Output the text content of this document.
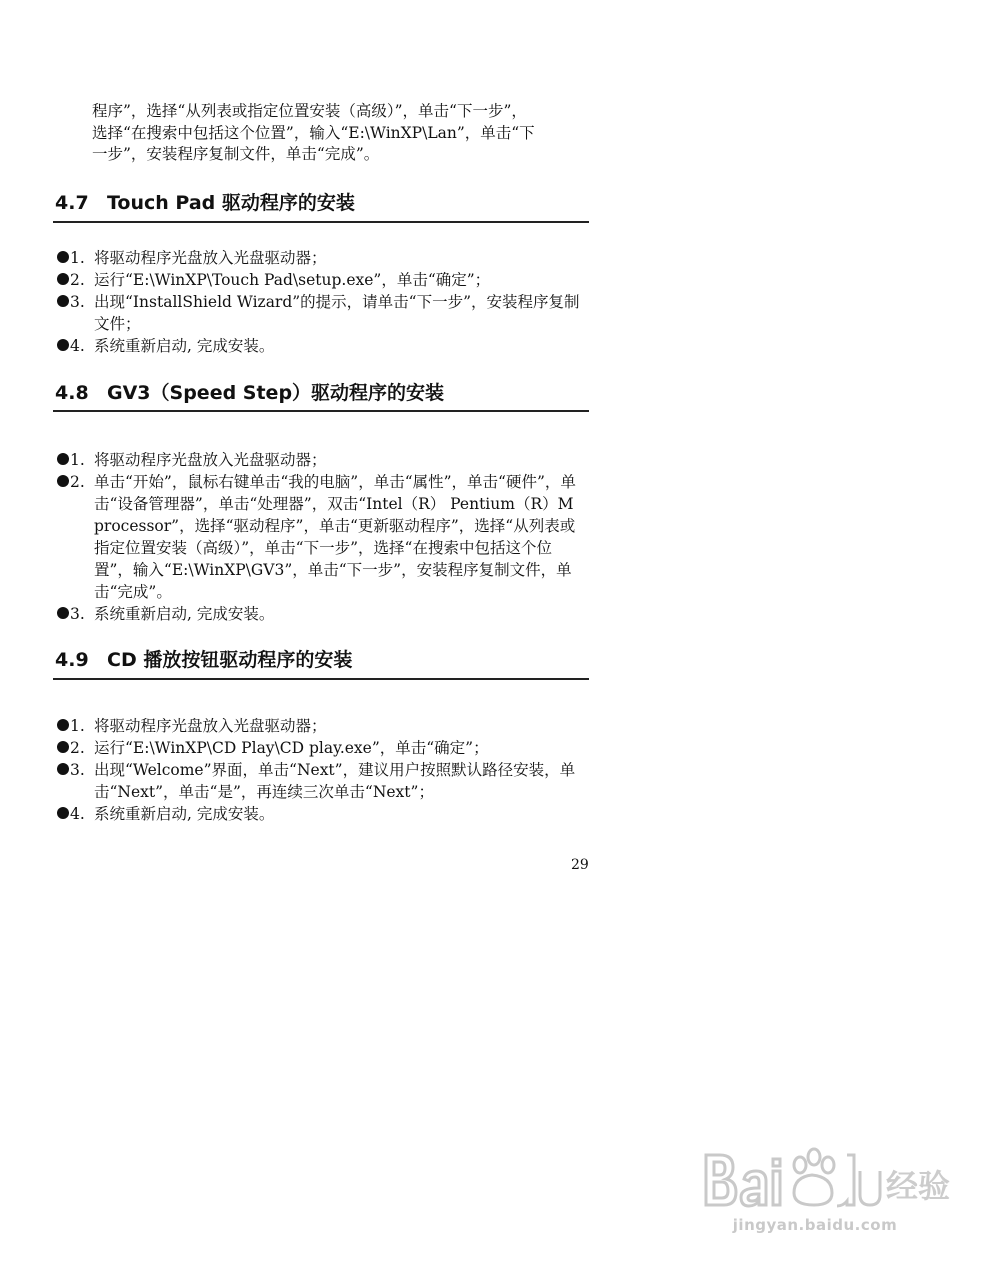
程序”，选择“从列表或指定位置安装（高级）”，单击“下一步”，
选择“在搜索中包括这个位置”，输入“E:\WinXP\Lan”，单击“下
一步”，安装程序复制文件，单击“完成”。
4.7 Touch Pad 驱动程序的安装
1. 将驱动程序光盘放入光盘驱动器；
2. 运行“E:\WinXP\Touch Pad\setup.exe”，单击“确定”；
3. 出现“InstallShield Wizard”的提示，请单击“下一步”，安装程序复制文件；
4. 系统重新启动, 完成安装。
4.8 GV3（Speed Step）驱动程序的安装
1. 将驱动程序光盘放入光盘驱动器；
2. 单击“开始”，鼠标右键单击“我的电脑”，单击“属性”，单击“硬件”，单击“设备管理器”，单击“处理器”，双击“Intel（R） Pentium（R）M processor”，选择“驱动程序”，单击“更新驱动程序”，选择“从列表或指定位置安装（高级）”，单击“下一步”，选择“在搜索中包括这个位置”，输入“E:\WinXP\GV3”，单击“下一步”，安装程序复制文件，单击“完成”。
3. 系统重新启动, 完成安装。
4.9 CD 播放按钮驱动程序的安装
1. 将驱动程序光盘放入光盘驱动器；
2. 运行“E:\WinXP\CD Play\CD play.exe”，单击“确定”；
3. 出现“Welcome”界面，单击“Next”，建议用户按照默认路径安装，单击“Next”，单击“是”，再连续三次单击“Next”；
4. 系统重新启动, 完成安装。
29
经验
jingyan.baidu.com
